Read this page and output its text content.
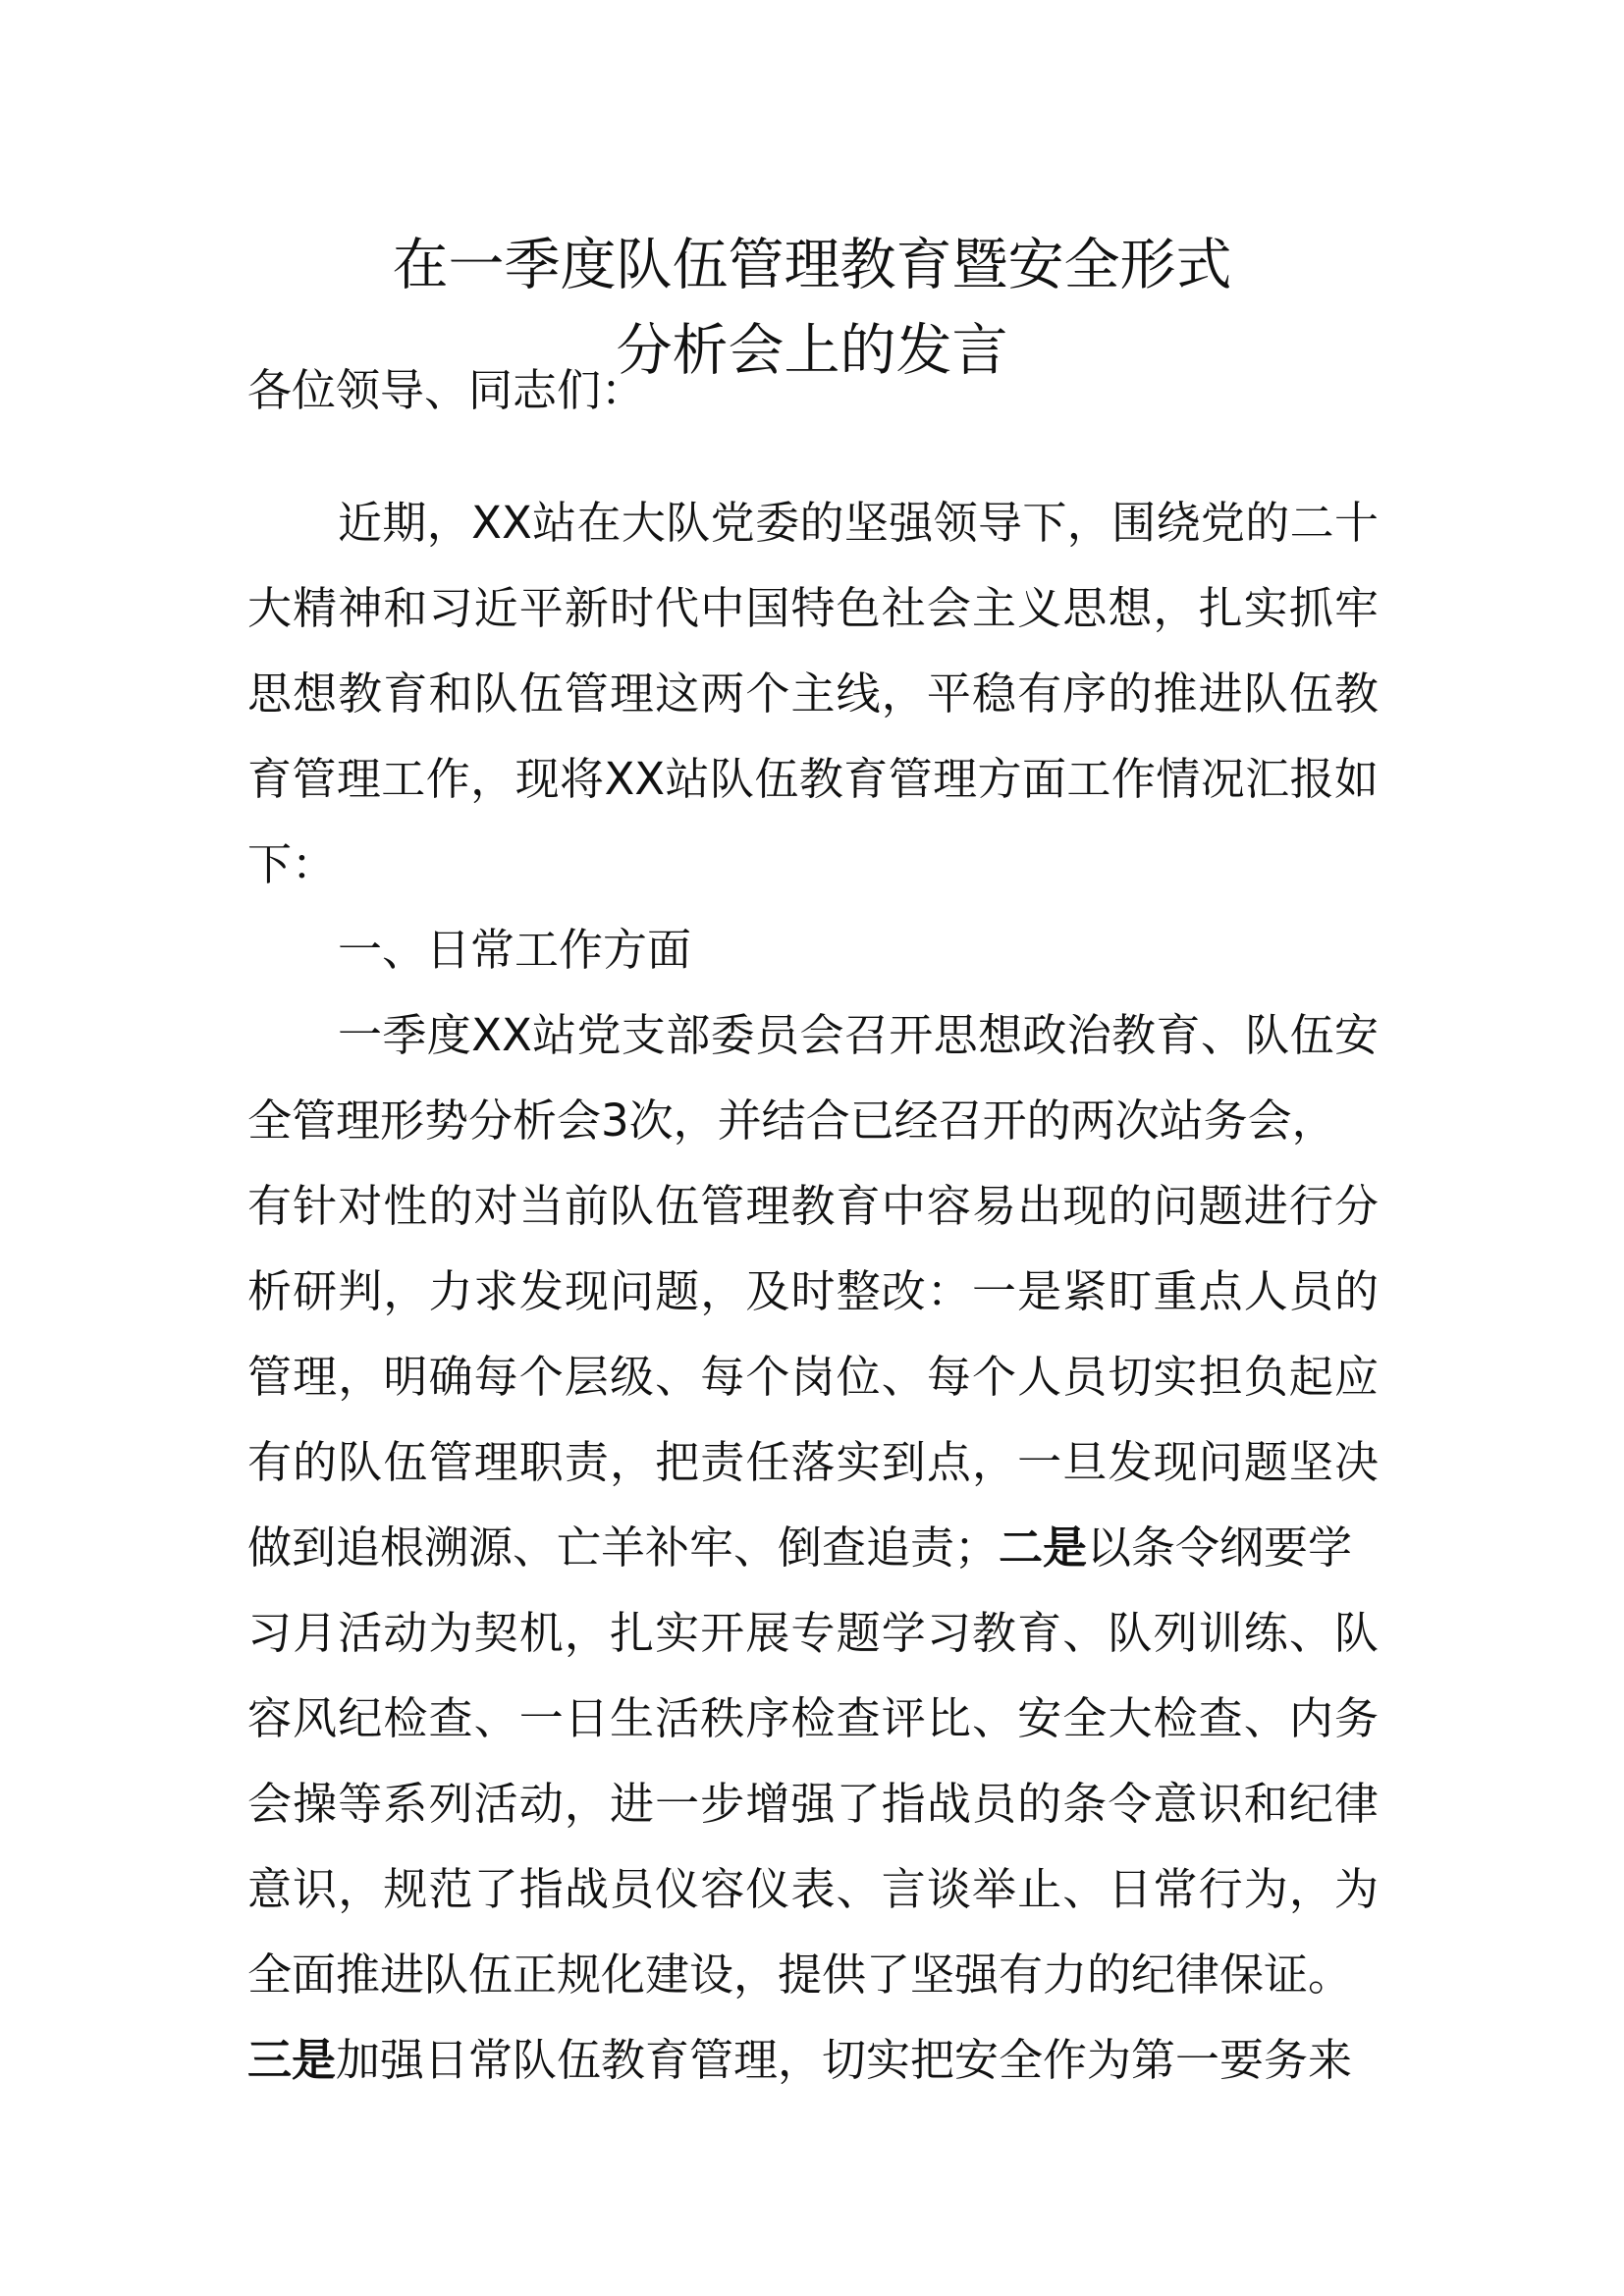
在一季度队伍管理教育暨安全形式
分析会上的发言
各位领导、同志们：
近期，XX站在大队党委的坚强领导下，围绕党的二十
大精神和习近平新时代中国特色社会主义思想，扎实抓牢
思想教育和队伍管理这两个主线，平稳有序的推进队伍教
育管理工作，现将XX站队伍教育管理方面工作情况汇报如
下：
一、日常工作方面
一季度XX站党支部委员会召开思想政治教育、队伍安
全管理形势分析会3次，并结合已经召开的两次站务会，
有针对性的对当前队伍管理教育中容易出现的问题进行分
析研判，力求发现问题，及时整改：一是紧盯重点人员的
管理，明确每个层级、每个岗位、每个人员切实担负起应
有的队伍管理职责，把责任落实到点，一旦发现问题坚决
做到追根溯源、亡羊补牢、倒查追责；二是以条令纲要学
习月活动为契机，扎实开展专题学习教育、队列训练、队
容风纪检查、一日生活秩序检查评比、安全大检查、内务
会操等系列活动，进一步增强了指战员的条令意识和纪律
意识，规范了指战员仪容仪表、言谈举止、日常行为，为
全面推进队伍正规化建设，提供了坚强有力的纪律保证。
三是加强日常队伍教育管理，切实把安全作为第一要务来
